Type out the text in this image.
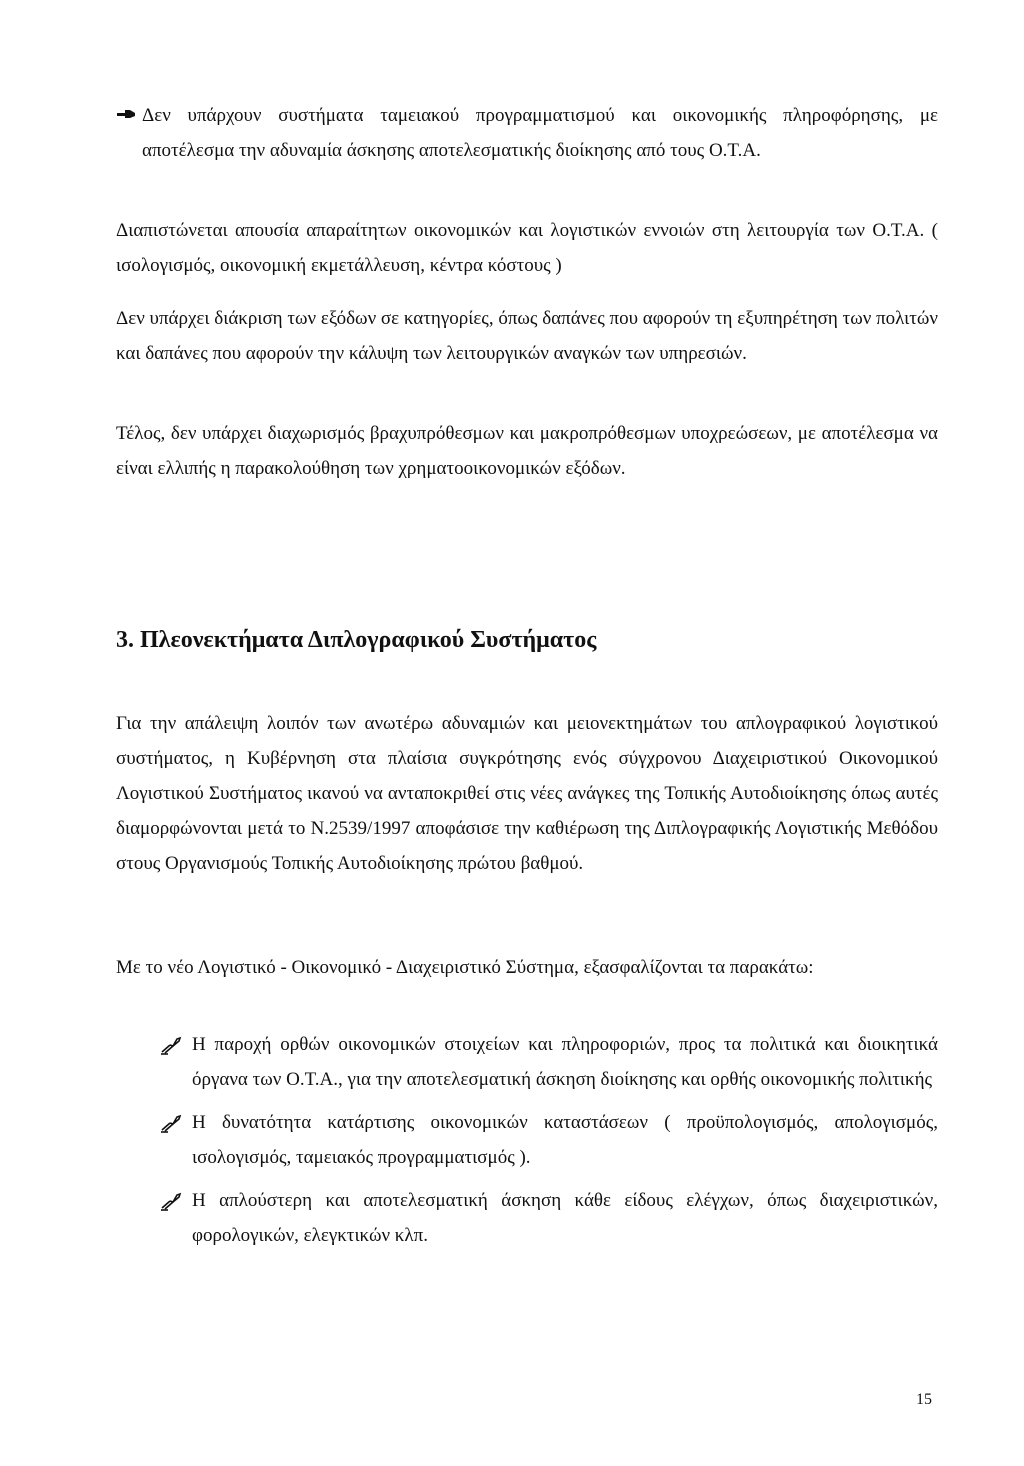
Δεν υπάρχουν συστήματα ταμειακού προγραμματισμού και οικονομικής πληροφόρησης, με αποτέλεσμα την αδυναμία άσκησης αποτελεσματικής διοίκησης από τους Ο.Τ.Α.

Διαπιστώνεται απουσία απαραίτητων οικονομικών και λογιστικών εννοιών στη λειτουργία των Ο.Τ.Α. ( ισολογισμός, οικονομική εκμετάλλευση, κέντρα κόστους )

Δεν υπάρχει διάκριση των εξόδων σε κατηγορίες, όπως δαπάνες που αφορούν τη εξυπηρέτηση των πολιτών και δαπάνες που αφορούν την κάλυψη των λειτουργικών αναγκών των υπηρεσιών.

Τέλος, δεν υπάρχει διαχωρισμός βραχυπρόθεσμων και μακροπρόθεσμων υποχρεώσεων, με αποτέλεσμα να είναι ελλιπής η παρακολούθηση των χρηματοοικονομικών εξόδων.

3. Πλεονεκτήματα Διπλογραφικού Συστήματος

Για την απάλειψη λοιπόν των ανωτέρω αδυναμιών και μειονεκτημάτων του απλογραφικού λογιστικού συστήματος, η Κυβέρνηση στα πλαίσια συγκρότησης ενός σύγχρονου Διαχειριστικού Οικονομικού Λογιστικού Συστήματος ικανού να ανταποκριθεί στις νέες ανάγκες της Τοπικής Αυτοδιοίκησης όπως αυτές διαμορφώνονται μετά το Ν.2539/1997 αποφάσισε την καθιέρωση της Διπλογραφικής Λογιστικής Μεθόδου στους Οργανισμούς Τοπικής Αυτοδιοίκησης πρώτου βαθμού.

Με το νέο Λογιστικό - Οικονομικό - Διαχειριστικό Σύστημα, εξασφαλίζονται τα παρακάτω:

Η παροχή ορθών οικονομικών στοιχείων και πληροφοριών, προς τα πολιτικά και διοικητικά όργανα των Ο.Τ.Α., για την αποτελεσματική άσκηση διοίκησης και ορθής οικονομικής πολιτικής

Η δυνατότητα κατάρτισης οικονομικών καταστάσεων ( προϋπολογισμός, απολογισμός, ισολογισμός, ταμειακός προγραμματισμός ).

Η απλούστερη και αποτελεσματική άσκηση κάθε είδους ελέγχων, όπως διαχειριστικών, φορολογικών, ελεγκτικών κλπ.

15
